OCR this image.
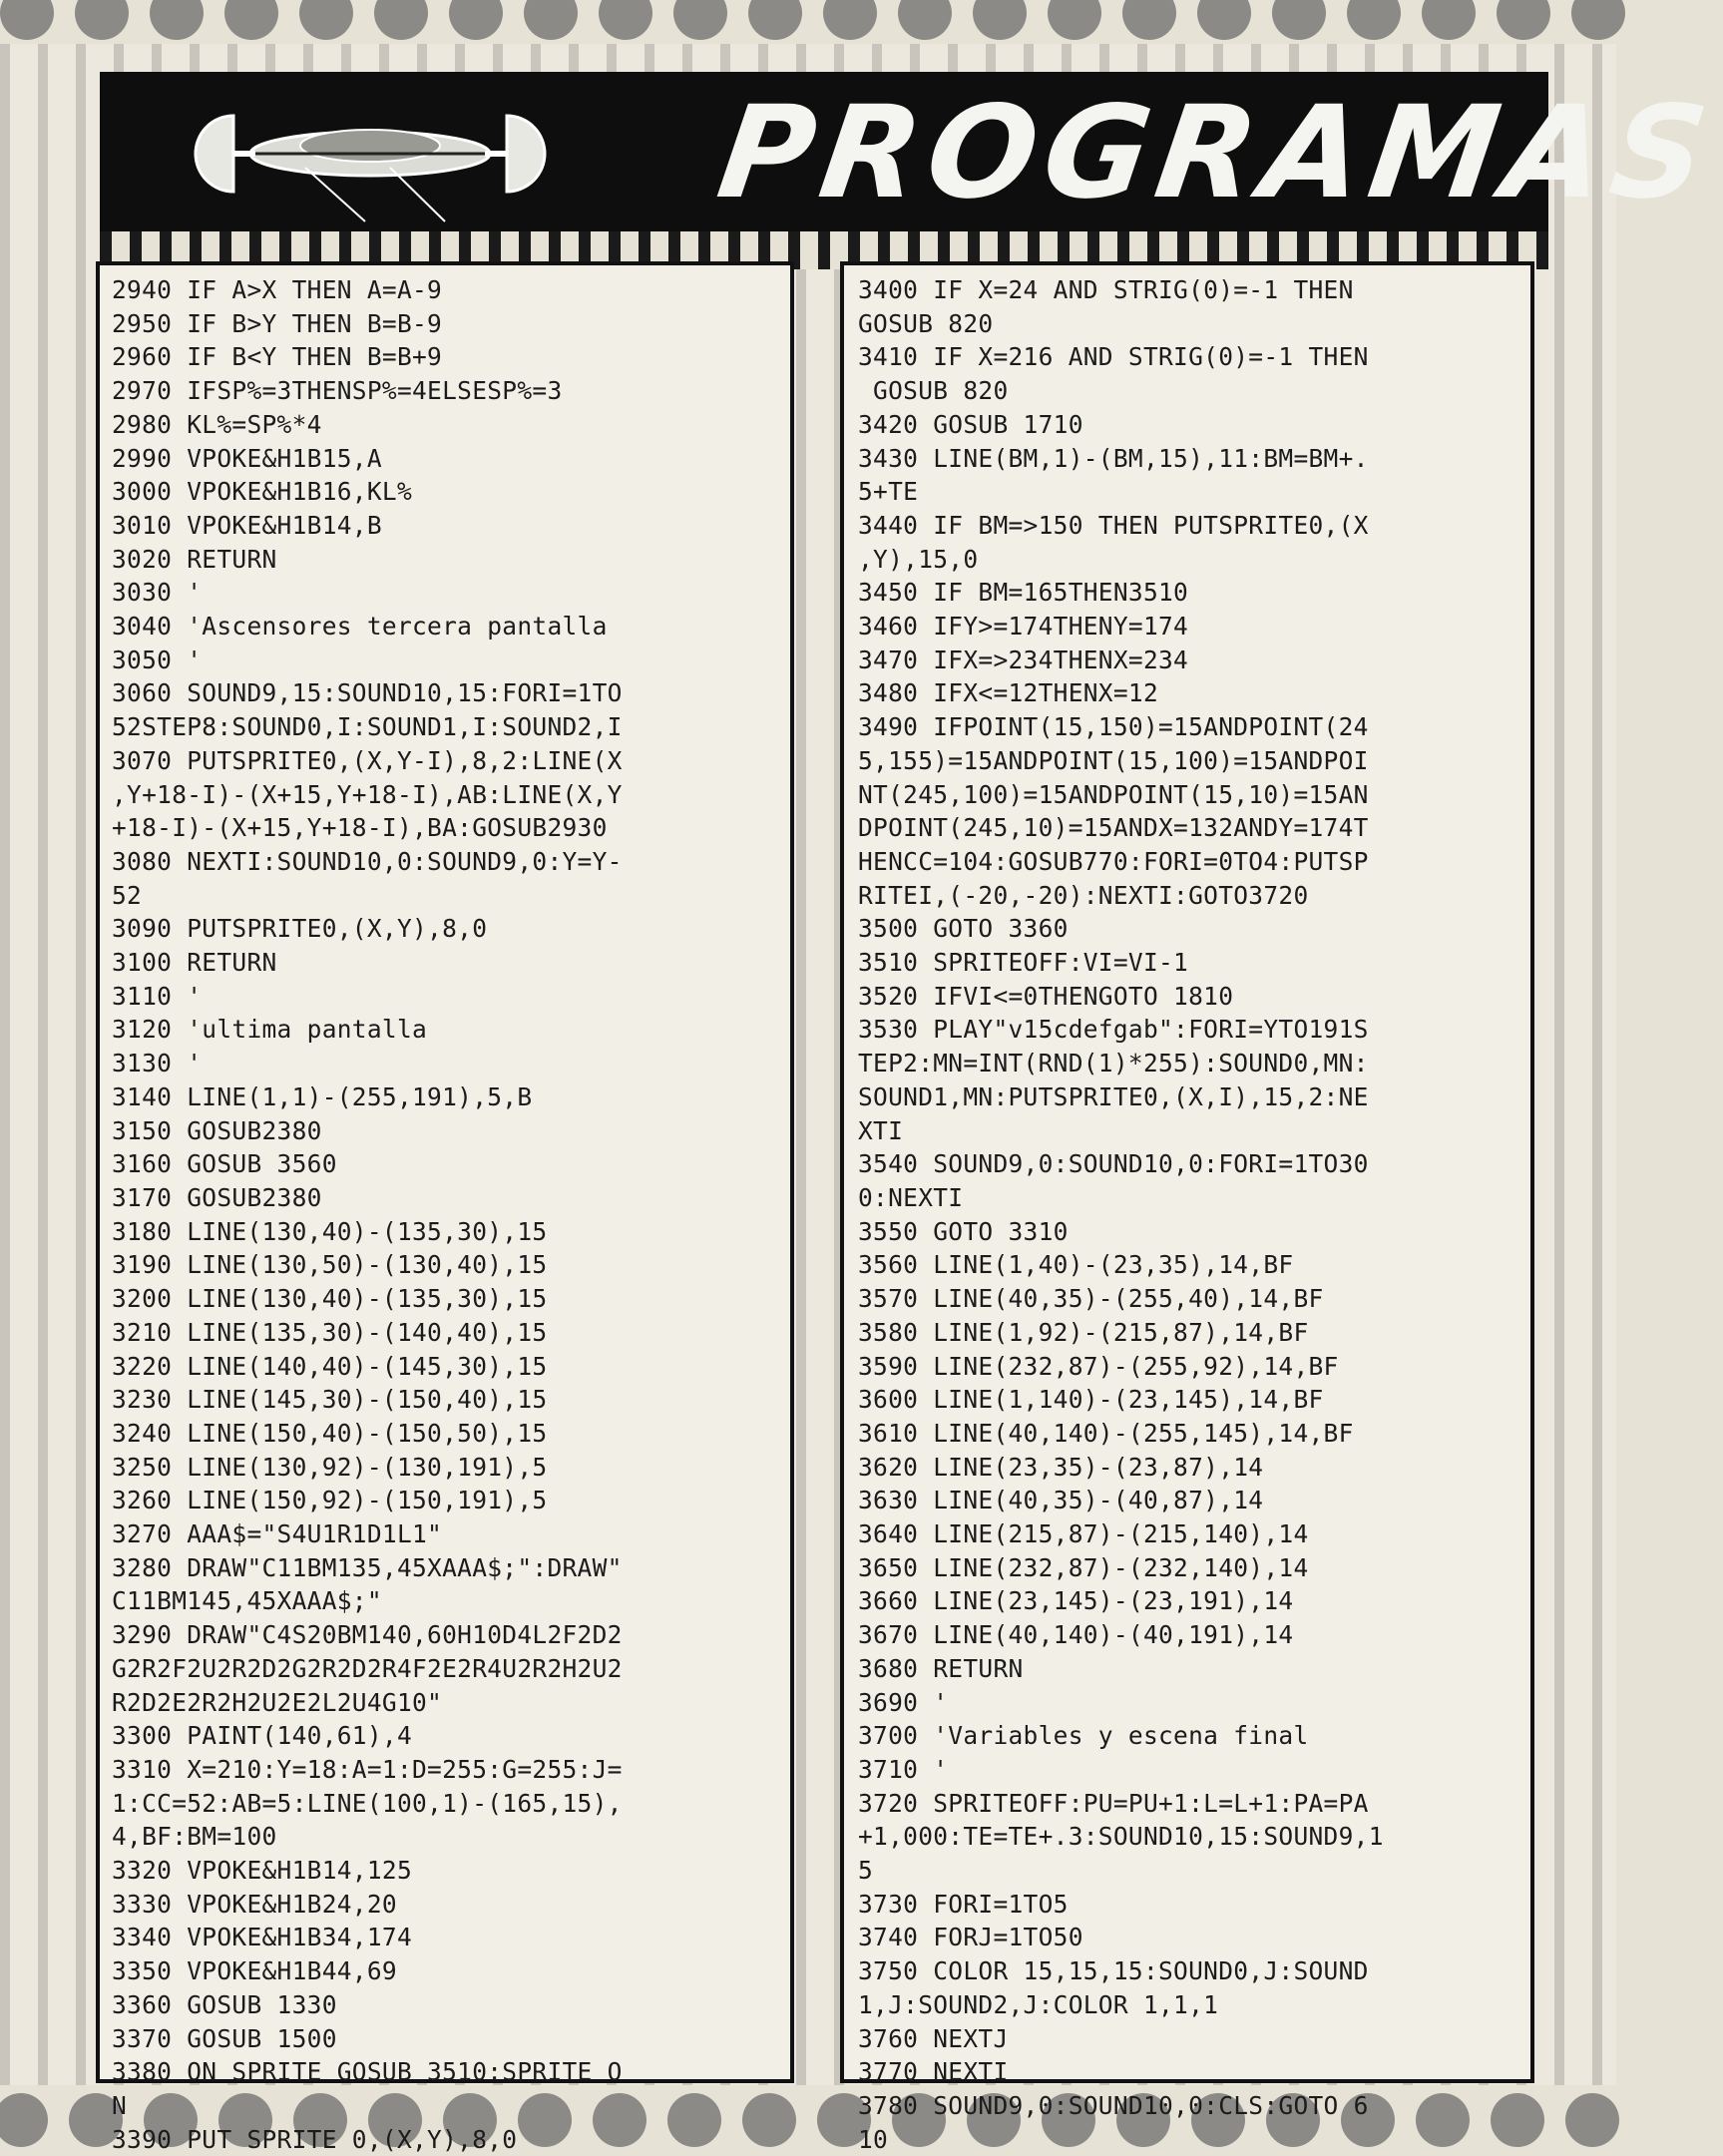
PROGRAMAS
2940 IF A>X THEN A=A-9
2950 IF B>Y THEN B=B-9
2960 IF B<Y THEN B=B+9
2970 IFSP%=3THENSP%=4ELSESP%=3
2980 KL%=SP%*4
2990 VPOKE&H1B15,A
3000 VPOKE&H1B16,KL%
3010 VPOKE&H1B14,B
3020 RETURN
3030 '
3040 'Ascensores tercera pantalla
3050 '
3060 SOUND9,15:SOUND10,15:FORI=1TO
52STEP8:SOUND0,I:SOUND1,I:SOUND2,I
3070 PUTSPRITE0,(X,Y-I),8,2:LINE(X
,Y+18-I)-(X+15,Y+18-I),AB:LINE(X,Y
+18-I)-(X+15,Y+18-I),BA:GOSUB2930
3080 NEXTI:SOUND10,0:SOUND9,0:Y=Y-
52
3090 PUTSPRITE0,(X,Y),8,0
3100 RETURN
3110 '
3120 'ultima pantalla
3130 '
3140 LINE(1,1)-(255,191),5,B
3150 GOSUB2380
3160 GOSUB 3560
3170 GOSUB2380
3180 LINE(130,40)-(135,30),15
3190 LINE(130,50)-(130,40),15
3200 LINE(130,40)-(135,30),15
3210 LINE(135,30)-(140,40),15
3220 LINE(140,40)-(145,30),15
3230 LINE(145,30)-(150,40),15
3240 LINE(150,40)-(150,50),15
3250 LINE(130,92)-(130,191),5
3260 LINE(150,92)-(150,191),5
3270 AAA$="S4U1R1D1L1"
3280 DRAW"C11BM135,45XAAA$;":DRAW"
C11BM145,45XAAA$;"
3290 DRAW"C4S20BM140,60H10D4L2F2D2
G2R2F2U2R2D2G2R2D2R4F2E2R4U2R2H2U2
R2D2E2R2H2U2E2L2U4G10"
3300 PAINT(140,61),4
3310 X=210:Y=18:A=1:D=255:G=255:J=
1:CC=52:AB=5:LINE(100,1)-(165,15),
4,BF:BM=100
3320 VPOKE&H1B14,125
3330 VPOKE&H1B24,20
3340 VPOKE&H1B34,174
3350 VPOKE&H1B44,69
3360 GOSUB 1330
3370 GOSUB 1500
3380 ON SPRITE GOSUB 3510:SPRITE O
N
3390 PUT SPRITE 0,(X,Y),8,0
3400 IF X=24 AND STRIG(0)=-1 THEN
GOSUB 820
3410 IF X=216 AND STRIG(0)=-1 THEN
GOSUB 820
3420 GOSUB 1710
3430 LINE(BM,1)-(BM,15),11:BM=BM+.
5+TE
3440 IF BM=>150 THEN PUTSPRITE0,(X
,Y),15,0
3450 IF BM=165THEN3510
3460 IFY>=174THENY=174
3470 IFX=>234THENX=234
3480 IFX<=12THENX=12
3490 IFPOINT(15,150)=15ANDPOINT(24
5,155)=15ANDPOINT(15,100)=15ANDPOI
NT(245,100)=15ANDPOINT(15,10)=15AN
DPOINT(245,10)=15ANDX=132ANDY=174T
HENCC=104:GOSUB770:FORI=0TO4:PUTSP
RITEI,(-20,-20):NEXTI:GOTO3720
3500 GOTO 3360
3510 SPRITEOFF:VI=VI-1
3520 IFVI<=0THENGOTO 1810
3530 PLAY"v15cdefgab":FORI=YTO191S
TEP2:MN=INT(RND(1)*255):SOUND0,MN:
SOUND1,MN:PUTSPRITE0,(X,I),15,2:NE
XTI
3540 SOUND9,0:SOUND10,0:FORI=1TO30
0:NEXTI
3550 GOTO 3310
3560 LINE(1,40)-(23,35),14,BF
3570 LINE(40,35)-(255,40),14,BF
3580 LINE(1,92)-(215,87),14,BF
3590 LINE(232,87)-(255,92),14,BF
3600 LINE(1,140)-(23,145),14,BF
3610 LINE(40,140)-(255,145),14,BF
3620 LINE(23,35)-(23,87),14
3630 LINE(40,35)-(40,87),14
3640 LINE(215,87)-(215,140),14
3650 LINE(232,87)-(232,140),14
3660 LINE(23,145)-(23,191),14
3670 LINE(40,140)-(40,191),14
3680 RETURN
3690 '
3700 'Variables y escena final
3710 '
3720 SPRITEOFF:PU=PU+1:L=L+1:PA=PA
+1,000:TE=TE+.3:SOUND10,15:SOUND9,1
5
3730 FORI=1TO5
3740 FORJ=1TO50
3750 COLOR 15,15,15:SOUND0,J:SOUND
1,J:SOUND2,J:COLOR 1,1,1
3760 NEXTJ
3770 NEXTI
3780 SOUND9,0:SOUND10,0:CLS:GOTO 6
10
